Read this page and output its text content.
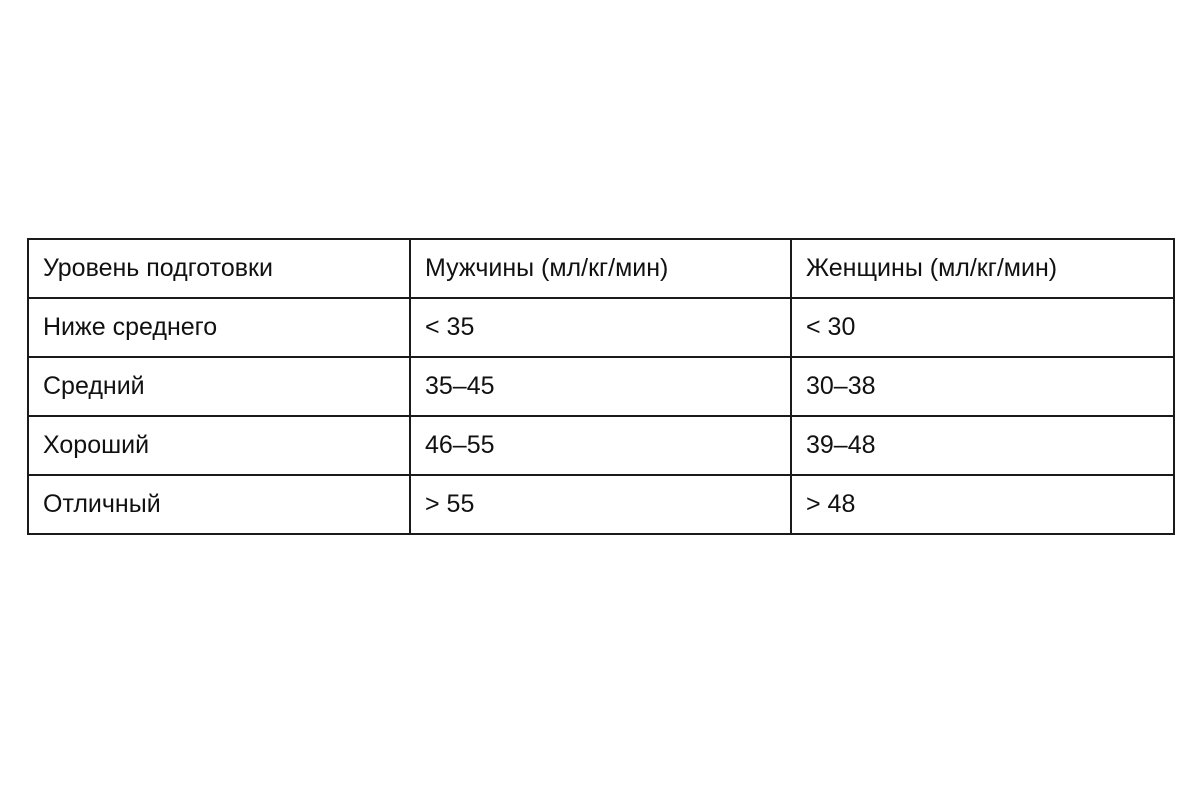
Уровень подготовки	Мужчины (мл/кг/мин)	Женщины (мл/кг/мин)
Ниже среднего	< 35	< 30
Средний	35–45	30–38
Хороший	46–55	39–48
Отличный	> 55	> 48
